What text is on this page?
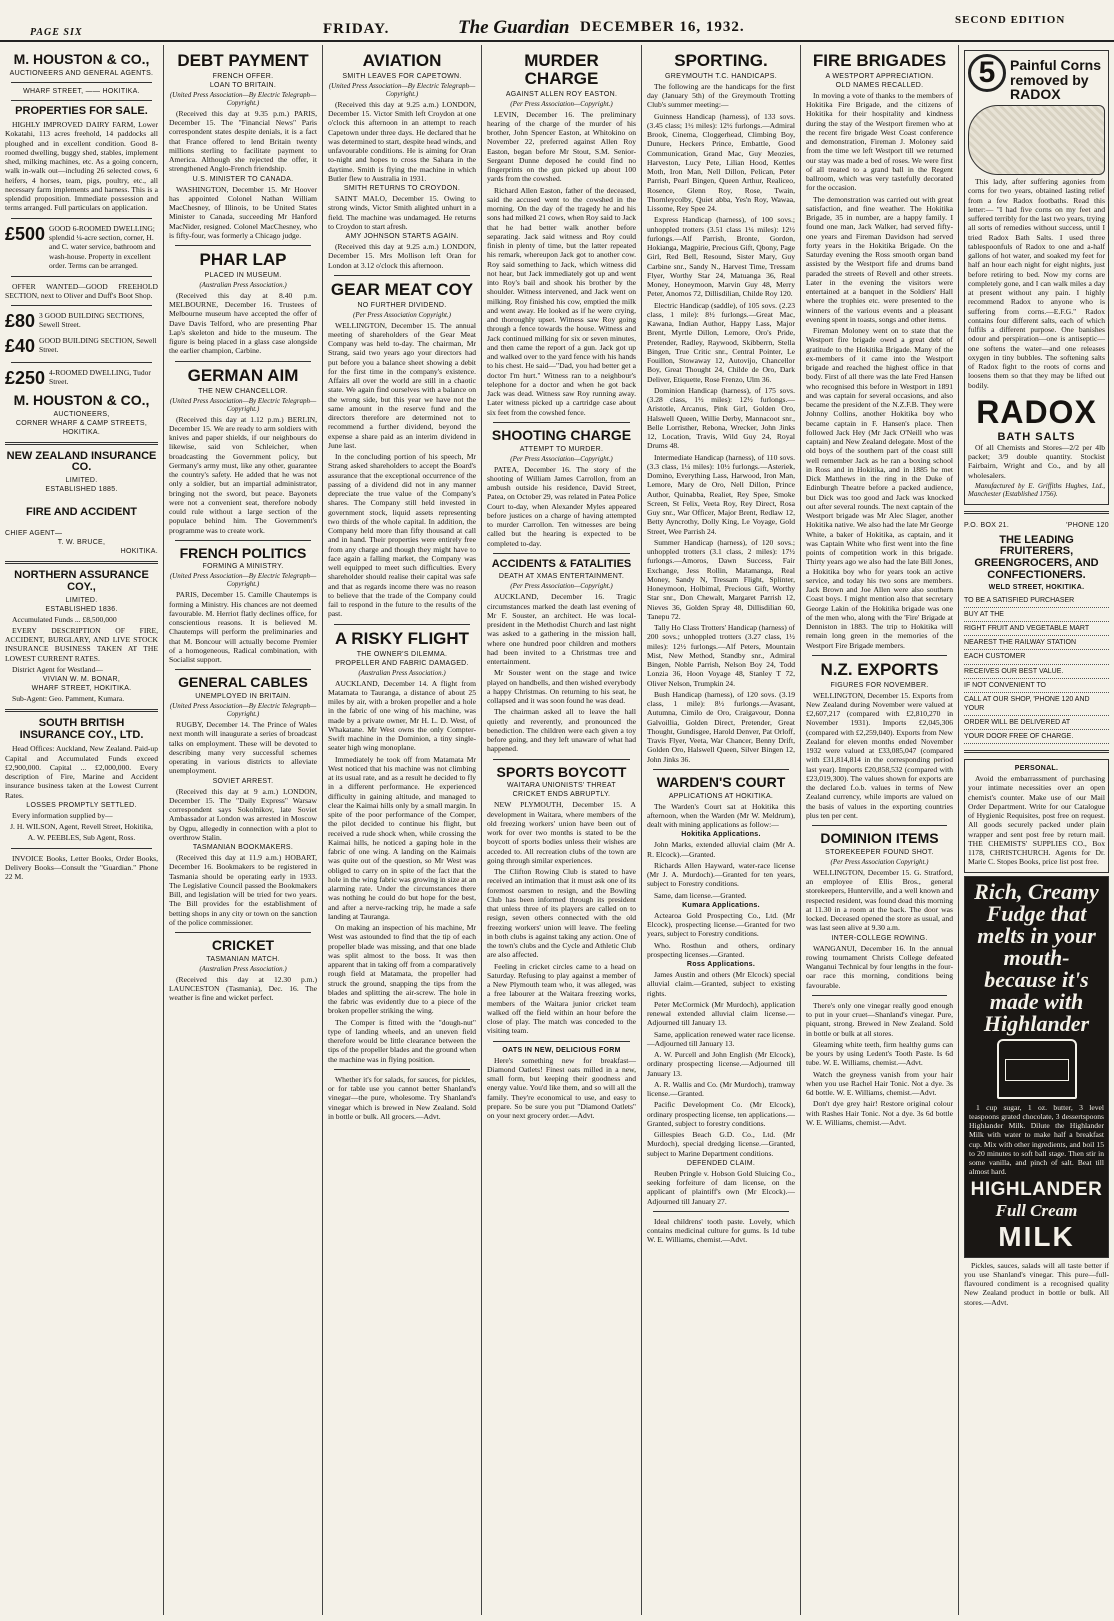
PAGE SIX	FRIDAY.	The Guardian DECEMBER 16, 1932.	SECOND EDITION
M. HOUSTON & CO.,
AUCTIONEERS AND GENERAL AGENTS.
WHARF STREET, —— HOKITIKA.
PROPERTIES FOR SALE.

HIGHLY IMPROVED DAIRY FARM, Lower Kokatahi, 113 acres freehold, 14 paddocks all ploughed and in excellent condition. Good 8-roomed dwelling, buggy shed, stables, implement shed, milking machines, etc. As a going concern, walk in-walk out—including 26 selected cows, 6 heifers, 4 horses, team, pigs, poultry, etc., all necessary farm implements and harness. This is a splendid proposition. Immediate possession and terms arranged. Full particulars on application.

£500 GOOD 6-ROOMED DWELLING; splendid ¼-acre section, corner, H. and C. water service, bathroom and wash-house. Property in excellent order. Terms can be arranged.

OFFER WANTED—GOOD FREEHOLD SECTION, next to Oliver and Duff's Boot Shop.

£80 3 GOOD BUILDING SECTIONS, Sewell Street.
£40 GOOD BUILDING SECTION, Sewell Street.
£250 4-ROOMED DWELLING, Tudor Street.
M. HOUSTON & CO.,
AUCTIONEERS,
CORNER WHARF & CAMP STREETS,
HOKITIKA.
NEW ZEALAND INSURANCE CO.
LIMITED.
ESTABLISHED 1885.
FIRE AND ACCIDENT
CHIEF AGENT—
T. W. BRUCE,
HOKITIKA.
NORTHERN ASSURANCE COY.,
LIMITED.
ESTABLISHED 1836.

Accumulated Funds ... £8,500,000

EVERY DESCRIPTION OF FIRE, ACCIDENT, BURGLARY, AND LIVE STOCK INSURANCE BUSINESS TAKEN AT THE LOWEST CURRENT RATES.

District Agent for Westland—

VIVIAN W. M. BONAR,
WHARF STREET, HOKITIKA.

Sub-Agent: Geo. Pamment, Kumara.

SOUTH BRITISH INSURANCE COY., LTD.

Head Offices: Auckland, New Zealand. Paid-up Capital and Accumulated Funds exceed £2,900,000. Capital ... £2,000,000. Every description of Fire, Marine and Accident insurance business taken at the Lowest Current Rates.

LOSSES PROMPTLY SETTLED.

Every information supplied by—

J. H. WILSON, Agent, Revell Street, Hokitika,

A. W. PEEBLES, Sub Agent, Ross.

INVOICE Books, Letter Books, Order Books, Delivery Books—Consult the "Guardian." Phone 22 M.

DEBT PAYMENT
FRENCH OFFER.
LOAN TO BRITAIN.
(United Press Association—By Electric Telegraph—Copyright.)

(Received this day at 9.35 p.m.) PARIS, December 15. The "Financial News" Paris correspondent states despite denials, it is a fact that France offered to lend Britain twenty millions sterling to facilitate payment to America. Although she rejected the offer, it strengthened Anglo-French friendship.

U.S. MINISTER TO CANADA.

WASHINGTON, December 15. Mr Hoover has appointed Colonel Nathan William MacChesney, of Illinois, to be United States Minister to Canada, succeeding Mr Hanford MacNider, resigned. Colonel MacChesney, who is fifty-four, was formerly a Chicago judge.

PHAR LAP
PLACED IN MUSEUM.
(Australian Press Association.)

(Received this day at 8.40 p.m. MELBOURNE, December 16. Trustees of Melbourne museum have accepted the offer of Dave Davis Telford, who are presenting Phar Lap's skeleton and hide to the museum. The figure is being placed in a glass case alongside the earlier champion, Carbine.

GERMAN AIM
THE NEW CHANCELLOR.
(United Press Association—By Electric Telegraph—Copyright.)

(Received this day at 1.12 p.m.) BERLIN, December 15. We are ready to arm soldiers with knives and paper shields, if our neighbours do likewise, said von Schleicher, when broadcasting the Government policy, but Germany's army must, like any other, guarantee the country's safety. He added that he was not only a soldier, but an impartial administrator, bringing not the sword, but peace. Bayonets were not a convenient seat, therefore nobody could rule without a large section of the populace behind him. The Government's programme was to create work.

FRENCH POLITICS
FORMING A MINISTRY.
(United Press Association—By Electric Telegraph—Copyright.)

PARIS, December 15. Camille Chautemps is forming a Ministry. His chances are not deemed favourable. M. Herriot flatly declines office, for conscientious reasons. It is believed M. Chautemps will perform the preliminaries and that M. Boncour will actually become Premier of a homogeneous, Radical combination, with Socialist support.

GENERAL CABLES
UNEMPLOYED IN BRITAIN.
(United Press Association—By Electric Telegraph—Copyright.)

RUGBY, December 14. The Prince of Wales next month will inaugurate a series of broadcast talks on employment. These will be devoted to describing many very successful schemes operating in various districts to alleviate unemployment.

SOVIET ARREST.

(Received this day at 9 a.m.) LONDON, December 15. The "Daily Express" Warsaw correspondent says Sokolnikov, late Soviet Ambassador at London was arrested in Moscow by Ogpu, allegedly in connection with a plot to overthrow Stalin.

TASMANIAN BOOKMAKERS.

(Received this day at 11.9 a.m.) HOBART, December 16. Bookmakers to be registered in Tasmania should be operating early in 1933. The Legislative Council passed the Bookmakers Bill, and legislation will be tried for two years. The Bill provides for the establishment of betting shops in any city or town on the sanction of the police commissioner.

CRICKET
TASMANIAN MATCH.
(Australian Press Association.)

(Received this day at 12.30 p.m.) LAUNCESTON (Tasmania), Dec. 16. The weather is fine and wicket perfect.

AVIATION
SMITH LEAVES FOR CAPETOWN.
(United Press Association—By Electric Telegraph—Copyright.)

(Received this day at 9.25 a.m.) LONDON, December 15. Victor Smith left Croydon at one o'clock this afternoon in an attempt to reach Capetown under three days. He declared that he was determined to start, despite head winds, and unfavourable conditions. He is aiming for Oran to-night and hopes to cross the Sahara in the daytime. Smith is flying the machine in which Butler flew to Australia in 1931.

SMITH RETURNS TO CROYDON.

SAINT MALO, December 15. Owing to strong winds, Victor Smith alighted unhurt in a field. The machine was undamaged. He returns to Croydon to start afresh.

AMY JOHNSON STARTS AGAIN.

(Received this day at 9.25 a.m.) LONDON, December 15. Mrs Mollison left Oran for London at 3.12 o'clock this afternoon.

GEAR MEAT COY
NO FURTHER DIVIDEND.
(Per Press Association Copyright.)

WELLINGTON, December 15. The annual meeting of shareholders of the Gear Meat Company was held to-day. The chairman, Mr Strang, said two years ago your directors had put before you a balance sheet showing a debit for the first time in the company's existence. Affairs all over the world are still in a chaotic state. We again find ourselves with a balance on the wrong side, but this year we have not the same amount in the reserve fund and the directors therefore are determined not to recommend a further dividend, beyond the expense a share paid as an interim dividend in June last.

In the concluding portion of his speech, Mr Strang asked shareholders to accept the Board's assurance that the exceptional occurrence of the passing of a dividend did not in any manner depreciate the true value of the Company's shares. The Company still held invested in government stock, liquid assets representing two thirds of the whole capital. In addition, the Company held more than fifty thousand at call and in hand. Their properties were entirely free from any charge and though they might have to face again a falling market, the Company was well equipped to meet such difficulties. Every shareholder should realise their capital was safe and that as regards income there was no reason to believe that the trade of the Company could fail to respond in the future to the results of the past.

A RISKY FLIGHT
THE OWNER'S DILEMMA.
PROPELLER AND FABRIC DAMAGED.
(Australian Press Association.)

AUCKLAND, December 14. A flight from Matamata to Tauranga, a distance of about 25 miles by air, with a broken propeller and a hole in the fabric of one wing of his machine, was made by a private owner, Mr H. L. D. West, of Whakatane. Mr West owns the only Compter-Swift machine in the Dominion, a tiny single-seater high wing monoplane.

Immediately he took off from Matamata Mr West noticed that his machine was not climbing at its usual rate, and as a result he decided to fly in a different performance. He experienced difficulty in gaining altitude, and managed to clear the Kaimai hills only by a small margin. In spite of the poor performance of the Comper, the pilot decided to continue his flight, but received a rude shock when, while crossing the Kaimai hills, he noticed a gaping hole in the fabric of one wing. A landing on the Kaimais was quite out of the question, so Mr West was obliged to carry on in spite of the fact that the hole in the wing fabric was growing in size at an alarming rate. Under the circumstances there was nothing he could do but hope for the best, and after a nerve-racking trip, he made a safe landing at Tauranga.

On making an inspection of his machine, Mr West was astounded to find that the tip of each propeller blade was missing, and that one blade was split almost to the boss. It was then apparent that in taking off from a comparatively rough field at Matamata, the propeller had struck the ground, snapping the tips from the blades and splitting the air-screw. The hole in the fabric was evidently due to a piece of the broken propeller striking the wing.

The Comper is fitted with the "dough-nut" type of landing wheels, and an uneven field therefore would be little clearance between the tips of the propeller blades and the ground when the machine was in flying position.

Whether it's for salads, for sauces, for pickles, or for table use you cannot better Shanland's vinegar—the pure, wholesome. Try Shanland's vinegar which is brewed in New Zealand. Sold in bottle or bulk. All grocers.—Advt.

MURDER CHARGE
AGAINST ALLEN ROY EASTON.
(Per Press Association—Copyright.)

LEVIN, December 16. The preliminary hearing of the charge of the murder of his brother, John Spencer Easton, at Whitokino on November 22, preferred against Allen Roy Easton, began before Mr Stout, S.M. Senior-Sergeant Dunne deposed he could find no fingerprints on the gun picked up about 100 yards from the cowshed.

Richard Allen Easton, father of the deceased, said the accused went to the cowshed in the morning. On the day of the tragedy he and his sons had milked 21 cows, when Roy said to Jack that he had better walk another before separating. Jack said witness and Roy could finish in plenty of time, but the latter repeated his remark, whereupon Jack got to another cow. Roy said something to Jack, which witness did not hear, but Jack immediately got up and went into Roy's bail and shook his brother by the shoulder. Witness intervened, and Jack went on milking. Roy finished his cow, emptied the milk and went away. He looked as if he were crying, and thoroughly upset. Witness saw Roy going through a fence towards the house. Witness and Jack continued milking for six or seven minutes, and then came the report of a gun. Jack got up and walked over to the yard fence with his hands to his chest. He said—"Dad, you had better get a doctor I'm hurt." Witness ran to a neighbour's telephone for a doctor and when he got back Jack was dead. Witness saw Roy running away. Later witness picked up a cartridge case about six feet from the cowshed fence.

SHOOTING CHARGE
ATTEMPT TO MURDER.
(Per Press Association—Copyright.)

PATEA, December 16. The story of the shooting of William James Carrollon, from an ambush outside his residence, David Street, Patea, on October 29, was related in Patea Police Court to-day, when Alexander Myles appeared before justices on a charge of having attempted to murder Carrollon. Ten witnesses are being called but the hearing is expected to be completed to-day.

ACCIDENTS & FATALITIES
DEATH AT XMAS ENTERTAINMENT.
(Per Press Association—Copyright.)

AUCKLAND, December 16. Tragic circumstances marked the death last evening of Mr F. Souster, an architect. He was local-president in the Methodist Church and last night was asked to a gathering in the mission hall, where one hundred poor children and mothers had been invited to a Christmas tree and entertainment.

Mr Souster went on the stage and twice played on handbells, and then wished everybody a happy Christmas. On returning to his seat, he collapsed and it was soon found he was dead.

The chairman asked all to leave the hall quietly and reverently, and pronounced the benediction. The children were each given a toy before going, and they left unaware of what had happened.

SPORTS BOYCOTT
WAITARA UNIONISTS' THREAT
CRICKET ENDS ABRUPTLY.

NEW PLYMOUTH, December 15. A development in Waitara, where members of the old freezing workers' union have been out of work for over two months is stated to be the boycott of sports bodies unless their wishes are acceded to. All recreation clubs of the town are going through similar experiences.

The Clifton Rowing Club is stated to have received an intimation that it must ask one of its foremost oarsmen to resign, and the Bowling Club has been informed through its president that unless three of its players are called on to resign, seven others connected with the old freezing workers' union will leave. The feeling in both clubs is against taking any action. One of the town's clubs and the Cycle and Athletic Club are also affected.

Feeling in cricket circles came to a head on Saturday. Refusing to play against a member of a New Plymouth team who, it was alleged, was a free labourer at the Waitara freezing works, members of the Waitara junior cricket team walked off the field within an hour before the close of play. The match was conceded to the visiting team.

OATS IN NEW, DELICIOUS FORM

Here's something new for breakfast—Diamond Oatlets! Finest oats milled in a new, small form, but keeping their goodness and energy value. You'd like them, and so will all the family. They're economical to use, and easy to prepare. So be sure you put "Diamond Oatlets" on your next grocery order.—Advt.

SPORTING.
GREYMOUTH T.C. HANDICAPS.

The following are the handicaps for the first day (January 5th) of the Greymouth Trotting Club's summer meeting:—

Guinness Handicap (harness), of 133 sovs. (3.45 class; 1½ miles): 12½ furlongs.—Admiral Brook, Cinema, Cloggerhead, Climbing Boy, Dunure, Heckers Prince, Embattle, Good Communication, Grand Mac, Guy Meozies, Harveston, Lucy Pete, Lilian Hood, Kettles Moth, Iron Man, Nell Dillon, Pelican, Peter Parrish, Pearl Bingen, Queen Arthur, Realiceo, Rosence, Glenn Roy, Rose, Twain, Thornleycolby, Quiet abba, Yes'n Roy, Wawaa, Lissome, Rey Spee 24.

Express Handicap (harness), of 100 sovs.; unhoppled trotters (3.51 class 1¼ miles): 12½ furlongs.—Alf Parrish, Bronte, Gordon, Hokianga, Magpirie, Precious Gift, Qbony, Page Girl, Red Bell, Resound, Sister Mary, Guy Carbine snr., Sandy N., Harvest Time, Tressam Flyer, Worthy Star 24, Matuanga 36, Real Money, Honeymoon, Marvin Guy 48, Merry Peter, Anomos 72, Dillisdilian, Childe Roy 120.

Electric Handicap (saddle), of 105 sovs. (2.23 class, 1 mile): 8½ furlongs.—Great Mac, Kawana, Indian Author, Happy Lass, Major Brent, Myrtle Dillon, Lemore, Oro's Pride, Pretender, Radley, Raywood, Skibberrn, Stella Bingen, True Critic snr., Central Pointer, Le Fouillon, Stowaway 12, Autovijo, Chancellor Boy, Great Thought 24, Childe de Oro, Dark Deliver, Etiquette, Rose Frenzo, Ulm 36.

Dominion Handicap (harness), of 175 sovs. (3.28 class, 1½ miles): 12½ furlongs.—Aristotle, Arcanus, Pink Girl, Golden Oro, Halswell Queen, Willie Derby, Mannacoot snr., Belle Lorristher, Rebona, Wrecker, John Jinks 12, Location, Travis, Wild Guy 24, Royal Drums 48.

Intermediate Handicap (harness), of 110 sovs. (3.3 class, 1¼ miles): 10½ furlongs.—Asteriek, Domino, Everything Lass, Harwood, Iron Man, Lemore, Mary de Oro, Nell Dillon, Prince Author, Quinabba, Realiet, Rey Spee, Smoke Screen, St Felix, Veeta Roy, Rey Direct, Rosa Guy snr., War Officer, Major Brent, Redlaw 12, Betty Ayncrothy, Dolly King, Le Voyage, Gold Street, Wee Parrish 24.

Summer Handicap (harness), of 120 sovs.; unhoppled trotters (3.1 class, 2 miles): 17½ furlongs.—Amoros, Dawn Success, Fair Exchange, Jess Rollin, Matamanga, Real Money, Sandy N, Tressam Flight, Splinter, Honeymoon, Holbimal, Precious Gift, Worthy Star snr., Don Chewalt, Margaret Parrish 12, Nieves 36, Golden Spray 48, Dillisdilian 60, Tanepu 72.

Tally Ho Class Trotters' Handicap (harness) of 200 sovs.; unhoppled trotters (3.27 class, 1½ miles): 12½ furlongs.—Alf Peters, Mountain Mist, New Method, Standby snr., Admiral Bingen, Noble Parrish, Nelson Boy 24, Todd Lonzia 36, Hoon Voyage 48, Stanley T 72, Oliver Nelson, Trumpkin 24.

Bush Handicap (harness), of 120 sovs. (3.19 class, 1 mile): 8½ furlongs.—Avasant, Autumna, Cimilo de Oro, Craigavour, Donna Galvoillia, Golden Direct, Pretender, Great Thought, Gundisgee, Harold Denver, Pat Orloff, Travis Flyer, Veeta, War Chancer, Benny Drift, Golden Oro, Halswell Queen, Silver Bingen 12, John Jinks 36.

WARDEN'S COURT
APPLICATIONS AT HOKITIKA.

The Warden's Court sat at Hokitika this afternoon, when the Warden (Mr W. Meldrum), dealt with mining applications as follow:—

Hokitika Applications.

John Marks, extended alluvial claim (Mr A. R. Elcock).—Granted.

Richards Allen Hayward, water-race license (Mr J. A. Murdoch).—Granted for ten years, subject to Forestry conditions.

Same, dam license.—Granted.

Kumara Applications.

Actearoa Gold Prospecting Co., Ltd. (Mr Elcock), prospecting license.—Granted for two years, subject to Forestry conditions.

Who. Rosthun and others, ordinary prospecting licenses.—Granted.

Ross Applications.

James Austin and others (Mr Elcock) special alluvial claim.—Granted, subject to existing rights.

Peter McCormick (Mr Murdoch), application renewal extended alluvial claim license.—Adjourned till January 13.

Same, application renewed water race license.—Adjourned till January 13.

A. W. Purcell and John English (Mr Elcock), ordinary prospecting license.—Adjourned till January 13.

A. R. Wallis and Co. (Mr Murdoch), tramway license.—Granted.

Pacific Development Co. (Mr Elcock), ordinary prospecting license, ten applications.—Granted, subject to forestry conditions.

Gillespies Beach G.D. Co., Ltd. (Mr Murdoch), special dredging license.—Granted, subject to Marine Department conditions.

DEFENDED CLAIM.

Reuben Pringle v. Hobson Gold Sluicing Co., seeking forfeiture of dam license, on the applicant of plaintiff's own (Mr Elcock).—Adjourned till January 27.

Ideal childrens' tooth paste. Lovely, which contains medicinal culture for gums. Is 1d tube W. E. Williams, chemist.—Advt.

FIRE BRIGADES
A WESTPORT APPRECIATION.
OLD NAMES RECALLED.

In moving a vote of thanks to the members of Hokitika Fire Brigade, and the citizens of Hokitika for their hospitality and kindness during the stay of the Westport firemen who at the recent fire brigade West Coast conference and demonstration, Fireman J. Moloney said from the time we left Westport till we returned our stay was made a bed of roses. We were first of all treated to a grand ball in the Regent ballroom, which was very tastefully decorated for the occasion.

The demonstration was carried out with great satisfaction, and fine weather. The Hokitika Brigade, 35 in number, are a happy family. I found one man, Jack Walker, had served fifty-one years and Fireman Davidson had served forty years in the Hokitika Brigade. On the Saturday evening the Ross smooth organ band assisted by the Westport fife and drums band paraded the streets of Revell and other streets. Later in the evening the visitors were entertained at a banquet in the Soldiers' Hall where the trophies etc. were presented to the winners of the various events and a pleasant evening spent in toasts, songs and other items.

Fireman Moloney went on to state that the Westport fire brigade owed a great debt of gratitude to the Hokitika Brigade. Many of the ex-members of it came into the Westport brigade and reached the highest office in that body. First of all there was the late Fred Hansen who recognised this before in Westport in 1891 and was captain for several occasions, and also became the president of the N.Z.F.B. They were Johnny Collins, another Hokitika boy who became captain in F. Hansen's place. Then followed Jack Hey (Mr Jack O'Neill who was captain) and New Zealand delegate. Most of the old boys of the southern part of the coast still well remember Jack as he ran a boxing school in Ross and in Hokitika, and in 1885 he met Dick Matthews in the ring in the Duke of Edinburgh Theatre before a packed audience, but Dick was too good and Jack was knocked out after several rounds. The next captain of the Westport brigade was Mr Alec Slager, another Hokitika native. We also had the late Mr George White, a baker of Hokitika, as captain, and it was Captain White who first went into the fine points of competition work in this brigade. Thirty years ago we also had the late Bill Jones, a Hokitika boy who for years took an active service, and today his two sons are members. Jack Brown and Joe Allen were also southern Coast boys. I might mention also that secretary George Lakin of the Hokitika brigade was one of the men who, along with the 'Fire' Brigade at Denniston in 1883. The trip to Hokitika will remain long green in the memories of the Westport Fire Brigade members.

N.Z. EXPORTS
FIGURES FOR NOVEMBER.

WELLINGTON, December 15. Exports from New Zealand during November were valued at £2,607,217 (compared with £2,810,270 in November 1931). Imports £2,045,306 (compared with £2,259,040). Exports from New Zealand for eleven months ended November 1932 were valued at £33,085,047 (compared with £31,814,814 in the corresponding period last year). Imports £20,858,532 (compared with £23,019,300). The values shown for exports are the declared f.o.b. values in terms of New Zealand currency, while imports are valued on the basis of values in the exporting countries plus ten per cent.

DOMINION ITEMS
STOREKEEPER FOUND SHOT.
(Per Press Association Copyright.)

WELLINGTON, December 15. G. Stratford, an employee of Ellis Bros., general storekeepers, Hunterville, and a well known and respected resident, was found dead this morning at 11.30 in a room at the back. The door was locked. Deceased opened the store as usual, and was last seen alive at 9.30 a.m.

INTER-COLLEGE ROWING.

WANGANUI, December 16. In the annual rowing tournament Christs College defeated Wanganui Technical by four lengths in the four-oar race this morning, conditions being favourable.

There's only one vinegar really good enough to put in your cruet—Shanland's vinegar. Pure, piquant, strong. Brewed in New Zealand. Sold in bottle or bulk at all stores.

Gleaming white teeth, firm healthy gums can be yours by using Ledent's Tooth Paste. Is 6d tube. W. E. Williams, chemist.—Advt.

Watch the greyness vanish from your hair when you use Rachel Hair Tonic. Not a dye. 3s 6d bottle. W. E. Williams, chemist.—Advt.

Don't dye grey hair! Restore original colour with Rashes Hair Tonic. Not a dye. 3s 6d bottle W. E. Williams, chemist.—Advt.

5	Painful Corns removed by RADOX

This lady, after suffering agonies from corns for two years, obtained lasting relief from a few Radox footbaths. Read this letter:— "I had five corns on my feet and suffered terribly for the last two years, trying all sorts of remedies without success, until I tried Radox Bath Salts. I used three tablespoonfuls of Radox to one and a-half gallons of hot water, and soaked my feet for half an hour each night for eight nights, just before retiring to bed. Now my corns are completely gone, and I can walk miles a day at present without any pain. I highly recommend Radox to anyone who is suffering from corns.—E.F.G." Radox contains four different salts, each of which fulfils a different purpose. One banishes odour and perspiration—one is antiseptic—one softens the water—and one releases oxygen in tiny bubbles. The softening salts of Radox fight to the roots of corns and loosens them so that they may be lifted out bodily.

RADOX
BATH SALTS

Of all Chemists and Stores—2/2 per 4lb packet; 3/9 double quantity. Stockist Fairbairn, Wright and Co., and by all wholesalers.

Manufactured by E. Griffiths Hughes, Ltd., Manchester (Established 1756).

P.O. BOX 21.	'PHONE 120
THE LEADING FRUITERERS, GREENGROCERS, AND CONFECTIONERS.
WELD STREET, HOKITIKA.
TO BE A SATISFIED PURCHASER
BUY AT THE
RIGHT FRUIT AND VEGETABLE MART
NEAREST THE RAILWAY STATION
EACH CUSTOMER
RECEIVES OUR BEST VALUE.
IF NOT CONVENIENT TO
CALL AT OUR SHOP, 'PHONE 120 AND YOUR
ORDER WILL BE DELIVERED AT
YOUR DOOR FREE OF CHARGE.
PERSONAL.

Avoid the embarrassment of purchasing your intimate necessities over an open chemist's counter. Make use of our Mail Order Department. Write for our Catalogue of Hygienic Requisites, post free on request. All goods securely packed under plain wrapper and sent post free by return mail. THE CHEMISTS' SUPPLIES CO., Box 1178, CHRISTCHURCH. Agents for Dr. Marie C. Stopes Books, price list post free.

Rich, Creamy Fudge that melts in your mouth-because it's made with
Highlander

1 cup sugar, 1 oz. butter, 3 level teaspoons grated chocolate, 3 dessertspoons Highlander Milk. Dilute the Highlander Milk with water to make half a breakfast cup. Mix with other ingredients, and boil 15 to 20 minutes to soft ball stage. Then stir in some vanilla, and pinch of salt. Beat till almost hard.

HIGHLANDER
Full Cream
MILK

Pickles, sauces, salads will all taste better if you use Shanland's vinegar. This pure—full-flavoured condiment is a recognised quality New Zealand product in bottle or bulk. All stores.—Advt.
